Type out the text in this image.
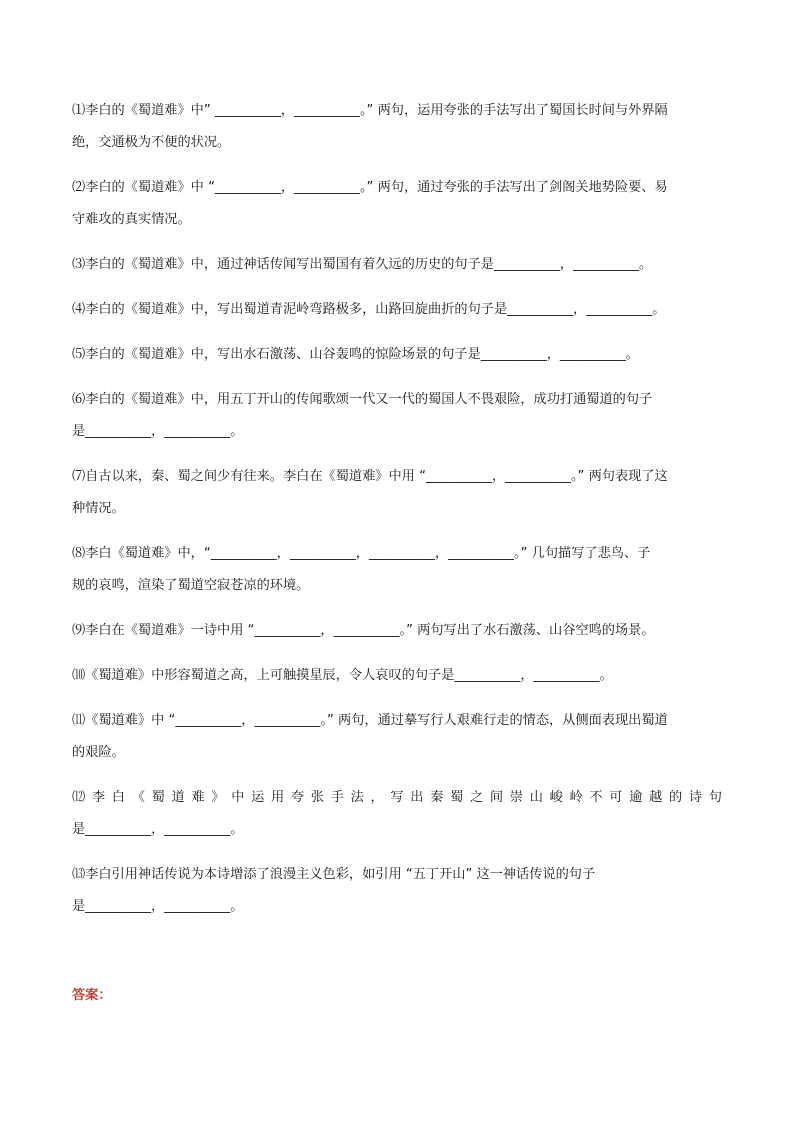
⑴李白的《蜀道难》中” __________，__________。” 两句，运用夸张的手法写出了蜀国长时间与外界隔
绝，交通极为不便的状况。
⑵李白的《蜀道难》中 “__________，__________。” 两句，通过夸张的手法写出了剑阁关地势险要、易
守难攻的真实情况。
⑶李白的《蜀道难》中，通过神话传闻写出蜀国有着久远的历史的句子是__________，__________。
⑷李白的《蜀道难》中，写出蜀道青泥岭弯路极多，山路回旋曲折的句子是__________，__________。
⑸李白的《蜀道难》中，写出水石激荡、山谷轰鸣的惊险场景的句子是__________，__________。
⑹李白的《蜀道难》中，用五丁开山的传闻歌颂一代又一代的蜀国人不畏艰险，成功打通蜀道的句子
是__________，__________。
⑺自古以来，秦、蜀之间少有往来。李白在《蜀道难》中用 “__________，__________。” 两句表现了这
种情况。
⑻李白《蜀道难》中，“__________，__________，__________，__________。” 几句描写了悲鸟、子
规的哀鸣，渲染了蜀道空寂苍凉的环境。
⑼李白在《蜀道难》一诗中用 “__________，__________。” 两句写出了水石激荡、山谷空鸣的场景。
⑽《蜀道难》中形容蜀道之高，上可触摸星辰，令人哀叹的句子是__________，__________。
⑾《蜀道难》中 “__________，__________。” 两句，通过摹写行人艰难行走的情态，从侧面表现出蜀道
的艰险。
⑿ 李 白 《 蜀 道 难 》 中 运 用 夸 张 手 法 ， 写 出 秦 蜀 之 间 崇 山 峻 岭 不 可 逾 越 的 诗 句
是__________，__________。
⒀李白引用神话传说为本诗增添了浪漫主义色彩，如引用 “五丁开山” 这一神话传说的句子
是__________，__________。
答案：
